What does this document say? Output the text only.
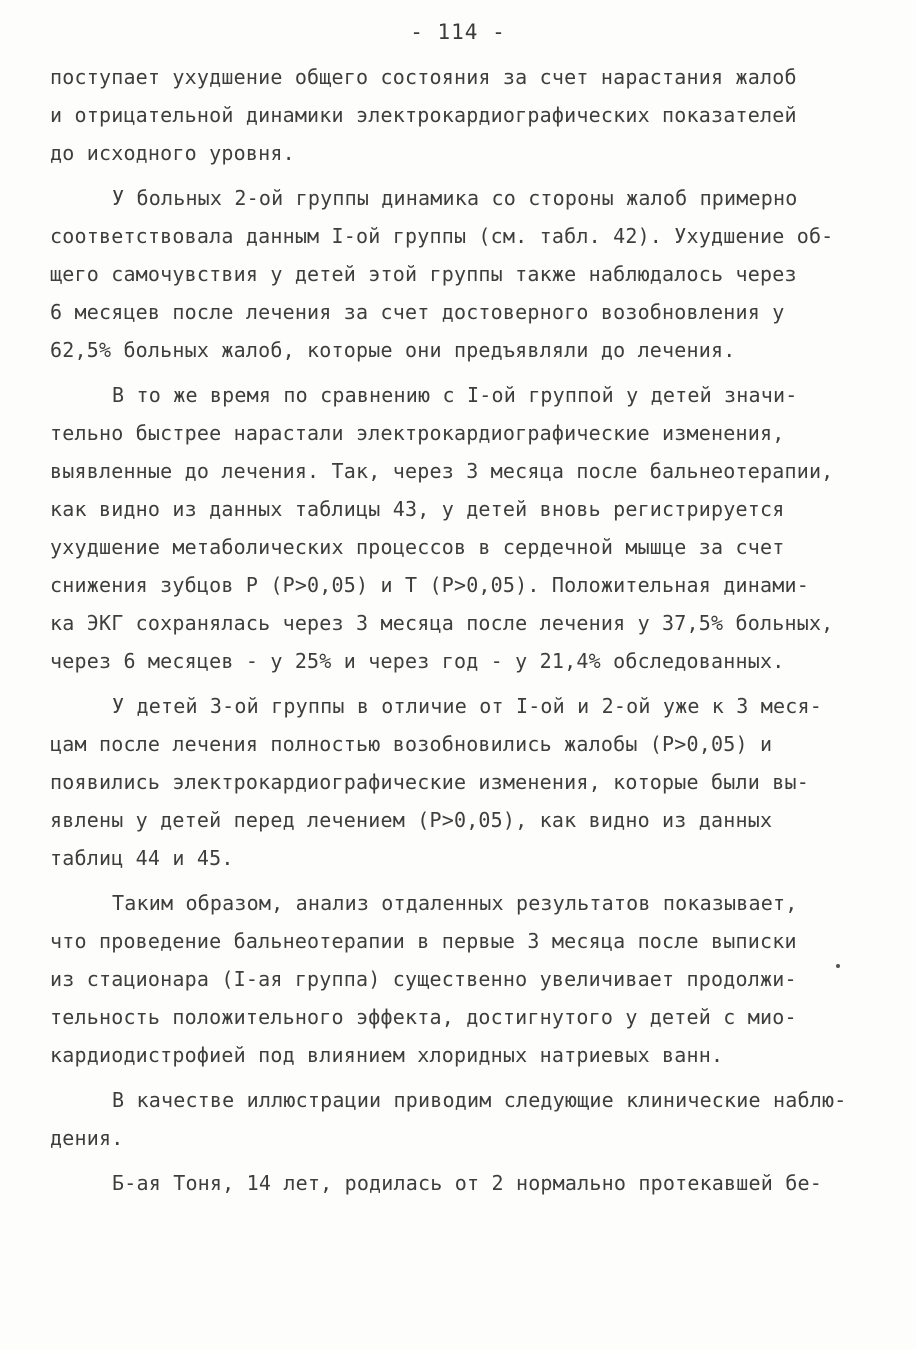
- 114 -
поступает ухудшение общего состояния за счет нарастания жалоб
и отрицательной динамики электрокардиографических показателей
до исходного уровня.
У больных 2-ой группы динамика со стороны жалоб примерно
соответствовала данным I-ой группы (см. табл. 42). Ухудшение об-
щего самочувствия у детей этой группы также наблюдалось через
6 месяцев после лечения за счет достоверного возобновления у
62,5% больных жалоб, которые они предъявляли до лечения.
В то же время по сравнению с I-ой группой у детей значи-
тельно быстрее нарастали электрокардиографические изменения,
выявленные до лечения. Так, через 3 месяца после бальнеотерапии,
как видно из данных таблицы 43, у детей вновь регистрируется
ухудшение метаболических процессов в сердечной мышце за счет
снижения зубцов P (P>0,05) и T (P>0,05). Положительная динами-
ка ЭКГ сохранялась через 3 месяца после лечения у 37,5% больных,
через 6 месяцев - у 25% и через год - у 21,4% обследованных.
У детей 3-ой группы в отличие от I-ой и 2-ой уже к 3 меся-
цам после лечения полностью возобновились жалобы (P>0,05) и
появились электрокардиографические изменения, которые были вы-
явлены у детей перед лечением (P>0,05), как видно из данных
таблиц 44 и 45.
Таким образом, анализ отдаленных результатов показывает,
что проведение бальнеотерапии в первые 3 месяца после выписки
из стационара (I-ая группа) существенно увеличивает продолжи-
тельность положительного эффекта, достигнутого у детей с мио-
кардиодистрофией под влиянием хлоридных натриевых ванн.
В качестве иллюстрации приводим следующие клинические наблю-
дения.
Б-ая Тоня, 14 лет, родилась от 2 нормально протекавшей бе-
